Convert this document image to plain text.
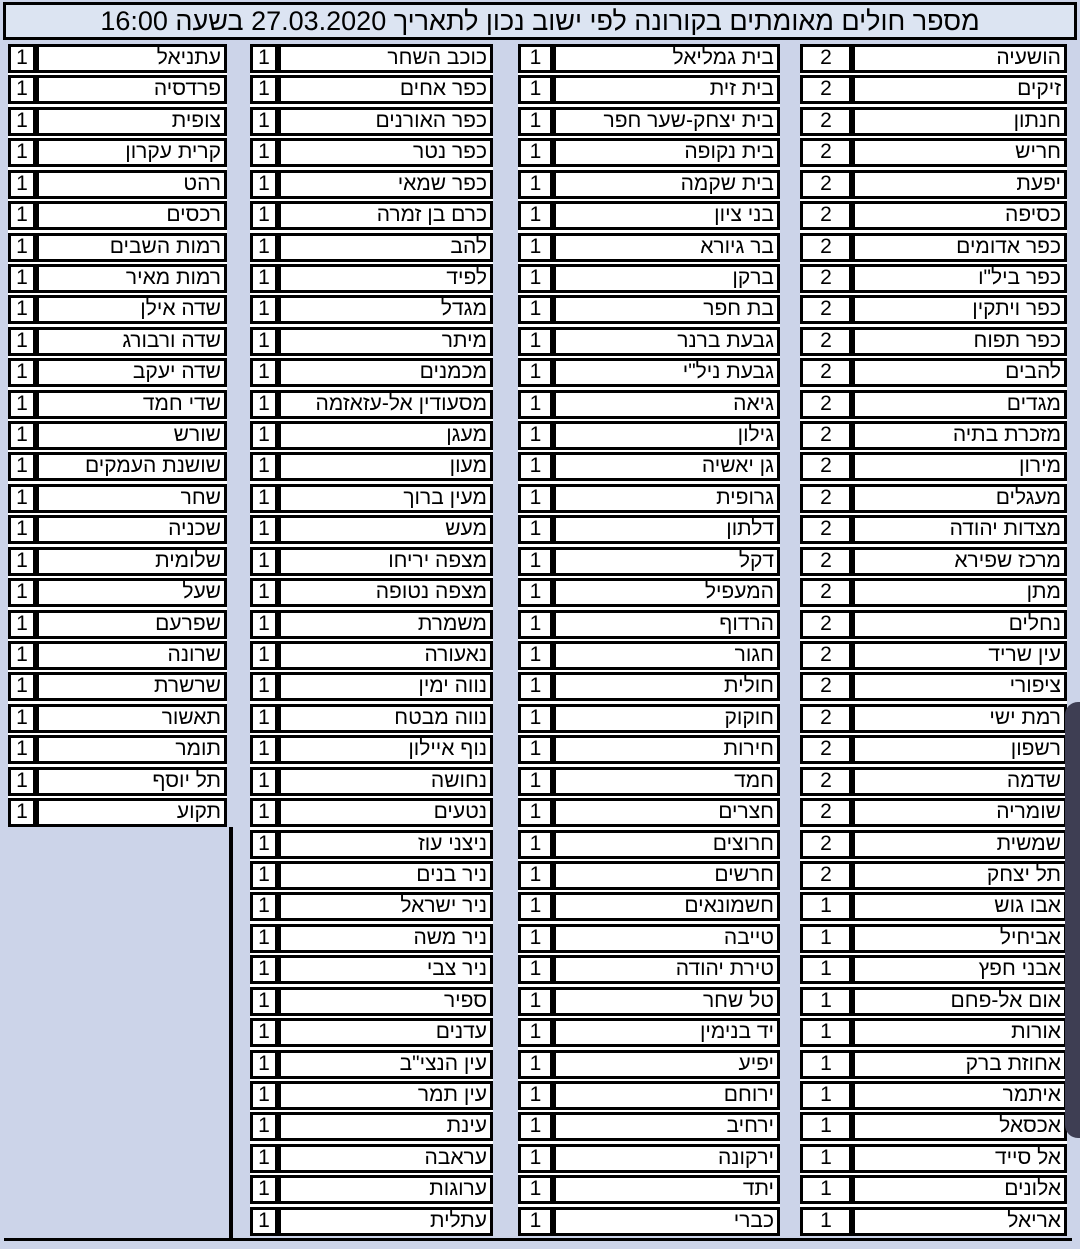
מספר חולים מאומתים בקורונה לפי ישוב נכון לתאריך 27.03.2020 בשעה 16:00
הושעיה
2
זיקים
2
חנתון
2
חריש
2
יפעת
2
כסיפה
2
כפר אדומים
2
כפר ביל"ו
2
כפר ויתקין
2
כפר תפוח
2
להבים
2
מגדים
2
מזכרת בתיה
2
מירון
2
מעגלים
2
מצדות יהודה
2
מרכז שפירא
2
מתן
2
נחלים
2
עין שריד
2
ציפורי
2
רמת ישי
2
רשפון
2
שדמה
2
שומריה
2
שמשית
2
תל יצחק
2
אבו גוש
1
אביחיל
1
אבני חפץ
1
אום אל-פחם
1
אורות
1
אחוזת ברק
1
איתמר
1
אכסאל
1
אל סייד
1
אלונים
1
אריאל
1
בית גמליאל
1
בית זית
1
בית יצחק-שער חפר
1
בית נקופה
1
בית שקמה
1
בני ציון
1
בר גיורא
1
ברקן
1
בת חפר
1
גבעת ברנר
1
גבעת ניל"י
1
גיאה
1
גילון
1
גן יאשיה
1
גרופית
1
דלתון
1
דקל
1
המעפיל
1
הרדוף
1
חגור
1
חולית
1
חוקוק
1
חירות
1
חמד
1
חצרים
1
חרוצים
1
חרשים
1
חשמונאים
1
טייבה
1
טירת יהודה
1
טל שחר
1
יד בנימין
1
יפיע
1
ירוחם
1
ירחיב
1
ירקונה
1
יתד
1
כברי
1
כוכב השחר
1
כפר אחים
1
כפר האורנים
1
כפר נטר
1
כפר שמאי
1
כרם בן זמרה
1
להב
1
לפיד
1
מגדל
1
מיתר
1
מכמנים
1
מסעודין אל-עזאזמה
1
מעגן
1
מעון
1
מעין ברוך
1
מעש
1
מצפה יריחו
1
מצפה נטופה
1
משמרת
1
נאעורה
1
נווה ימין
1
נווה מבטח
1
נוף איילון
1
נחושה
1
נטעים
1
ניצני עוז
1
ניר בנים
1
ניר ישראל
1
ניר משה
1
ניר צבי
1
ספיר
1
עדנים
1
עין הנצי"ב
1
עין תמר
1
עינת
1
עראבה
1
ערוגות
1
עתלית
1
עתניאל
1
פרדסיה
1
צופית
1
קרית עקרון
1
רהט
1
רכסים
1
רמות השבים
1
רמות מאיר
1
שדה אילן
1
שדה ורבורג
1
שדה יעקב
1
שדי חמד
1
שורש
1
שושנת העמקים
1
שחר
1
שכניה
1
שלומית
1
שעל
1
שפרעם
1
שרונה
1
שרשרת
1
תאשור
1
תומר
1
תל יוסף
1
תקוע
1
